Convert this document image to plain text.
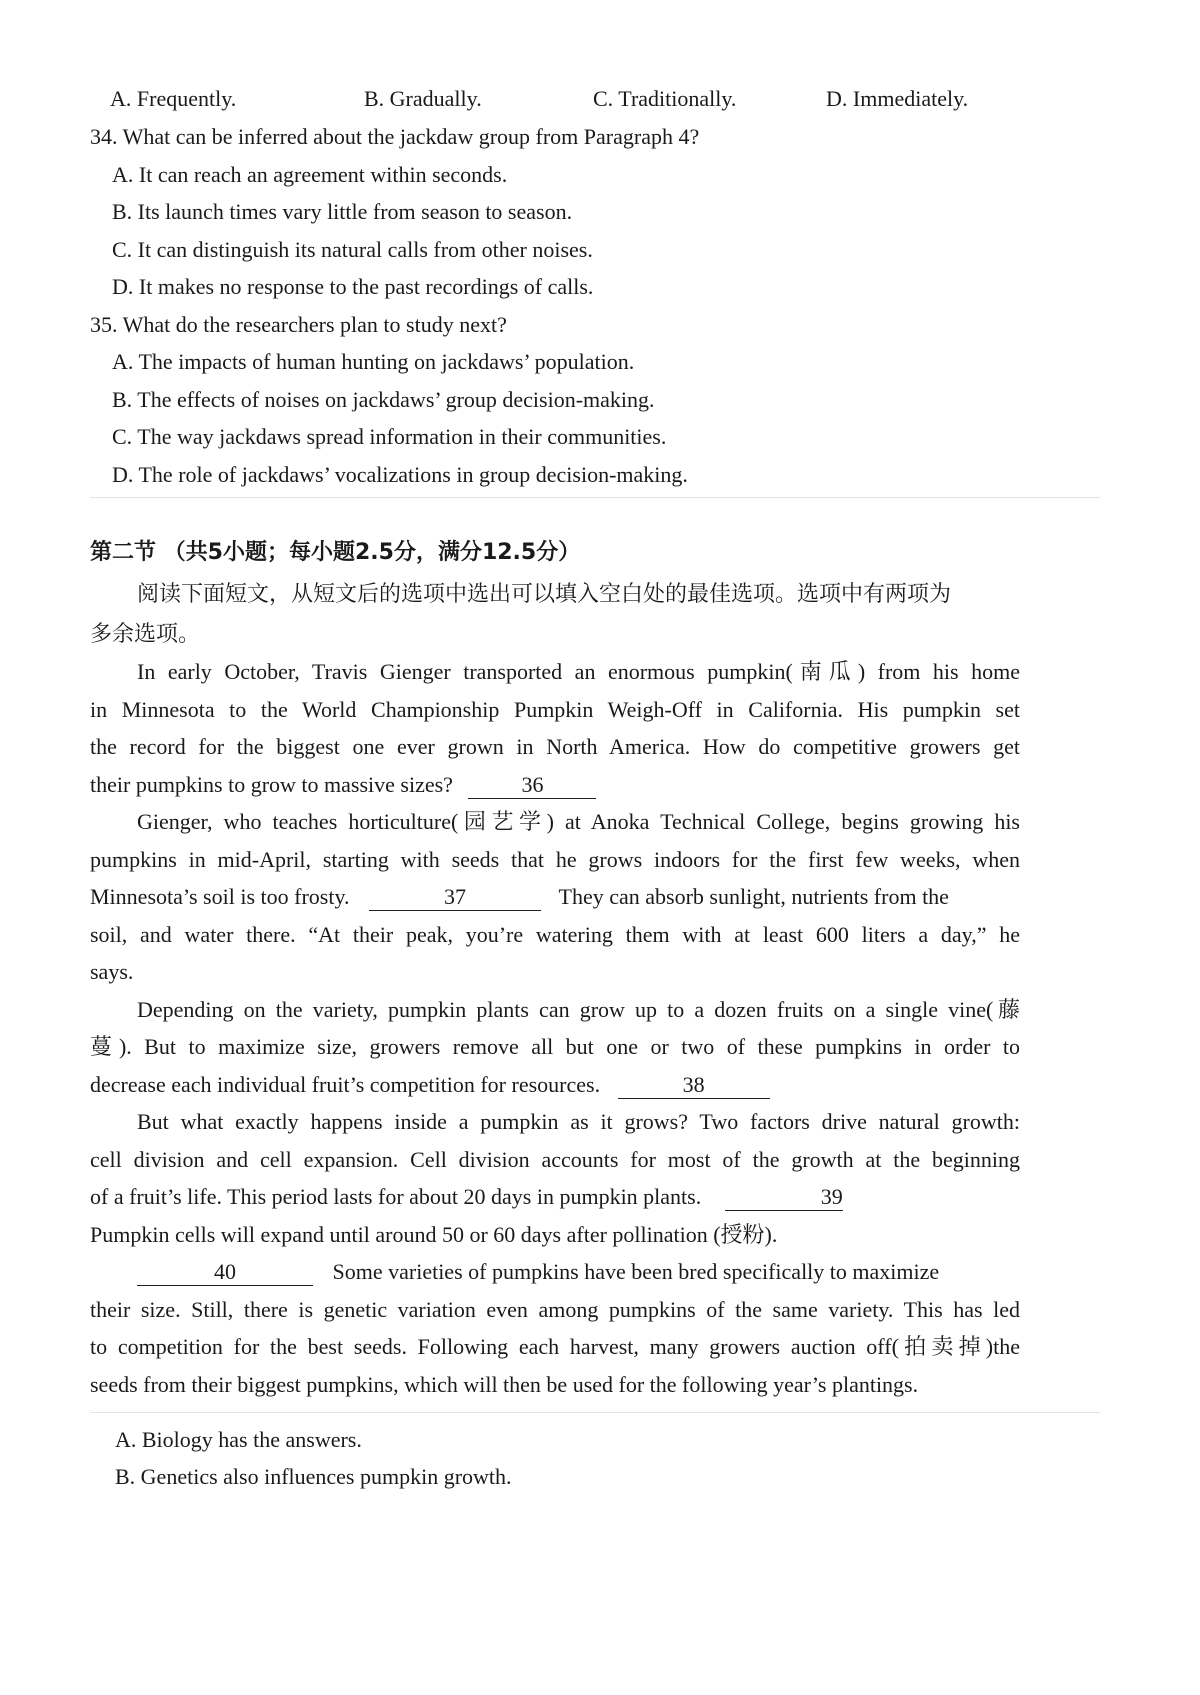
A. Frequently.	B. Gradually.	C. Traditionally.	D. Immediately.
34. What can be inferred about the jackdaw group from Paragraph 4?
A. It can reach an agreement within seconds.
B. Its launch times vary little from season to season.
C. It can distinguish its natural calls from other noises.
D. It makes no response to the past recordings of calls.
35. What do the researchers plan to study next?
A. The impacts of human hunting on jackdaws’ population.
B. The effects of noises on jackdaws’ group decision-making.
C. The way jackdaws spread information in their communities.
D. The role of jackdaws’ vocalizations in group decision-making.
第二节 （共5小题；每小题2.5分，满分12.5分）
阅读下面短文，从短文后的选项中选出可以填入空白处的最佳选项。选项中有两项为
多余选项。
In early October, Travis Gienger transported an enormous pumpkin(南瓜) from his home
in Minnesota to the World Championship Pumpkin Weigh-Off in California. His pumpkin set
the record for the biggest one ever grown in North America. How do competitive growers get
their pumpkins to grow to massive sizes?	36
Gienger, who teaches horticulture(园艺学) at Anoka Technical College, begins growing his
pumpkins in mid-April, starting with seeds that he grows indoors for the first few weeks, when
Minnesota’s soil is too frosty.	37	They can absorb sunlight, nutrients from the
soil, and water there. “At their peak, you’re watering them with at least 600 liters a day,” he
says.
Depending on the variety, pumpkin plants can grow up to a dozen fruits on a single vine(藤
蔓). But to maximize size, growers remove all but one or two of these pumpkins in order to
decrease each individual fruit’s competition for resources.	38
But what exactly happens inside a pumpkin as it grows? Two factors drive natural growth:
cell division and cell expansion. Cell division accounts for most of the growth at the beginning
of a fruit’s life. This period lasts for about 20 days in pumpkin plants.	39
Pumpkin cells will expand until around 50 or 60 days after pollination (授粉).
40	Some varieties of pumpkins have been bred specifically to maximize
their size. Still, there is genetic variation even among pumpkins of the same variety. This has led
to competition for the best seeds. Following each harvest, many growers auction off(拍卖掉)the
seeds from their biggest pumpkins, which will then be used for the following year’s plantings.
A. Biology has the answers.
B. Genetics also influences pumpkin growth.
